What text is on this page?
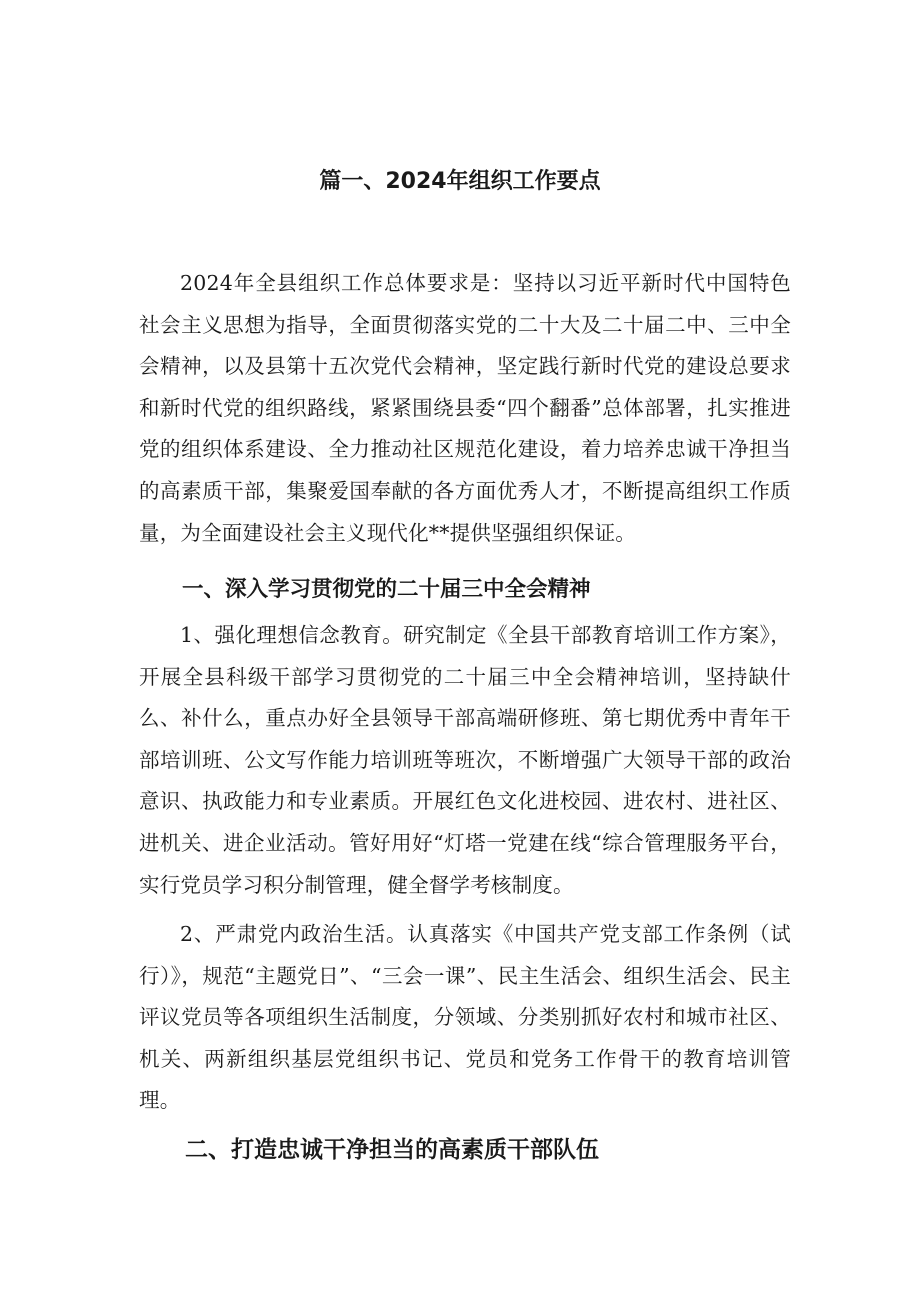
篇一、2024年组织工作要点

2024年全县组织工作总体要求是：坚持以习近平新时代中国特色社会主义思想为指导，全面贯彻落实党的二十大及二十届二中、三中全会精神，以及县第十五次党代会精神，坚定践行新时代党的建设总要求和新时代党的组织路线，紧紧围绕县委“四个翻番”总体部署，扎实推进党的组织体系建设、全力推动社区规范化建设，着力培养忠诚干净担当的高素质干部，集聚爱国奉献的各方面优秀人才，不断提高组织工作质量，为全面建设社会主义现代化**提供坚强组织保证。

一、深入学习贯彻党的二十届三中全会精神

1、强化理想信念教育。研究制定《全县干部教育培训工作方案》，开展全县科级干部学习贯彻党的二十届三中全会精神培训，坚持缺什么、补什么，重点办好全县领导干部高端研修班、第七期优秀中青年干部培训班、公文写作能力培训班等班次，不断增强广大领导干部的政治意识、执政能力和专业素质。开展红色文化进校园、进农村、进社区、进机关、进企业活动。管好用好“灯塔一党建在线“综合管理服务平台，实行党员学习积分制管理，健全督学考核制度。

2、严肃党内政治生活。认真落实《中国共产党支部工作条例（试行）》，规范“主题党日”、“三会一课”、民主生活会、组织生活会、民主评议党员等各项组织生活制度，分领域、分类别抓好农村和城市社区、机关、两新组织基层党组织书记、党员和党务工作骨干的教育培训管理。

二、打造忠诚干净担当的高素质干部队伍
